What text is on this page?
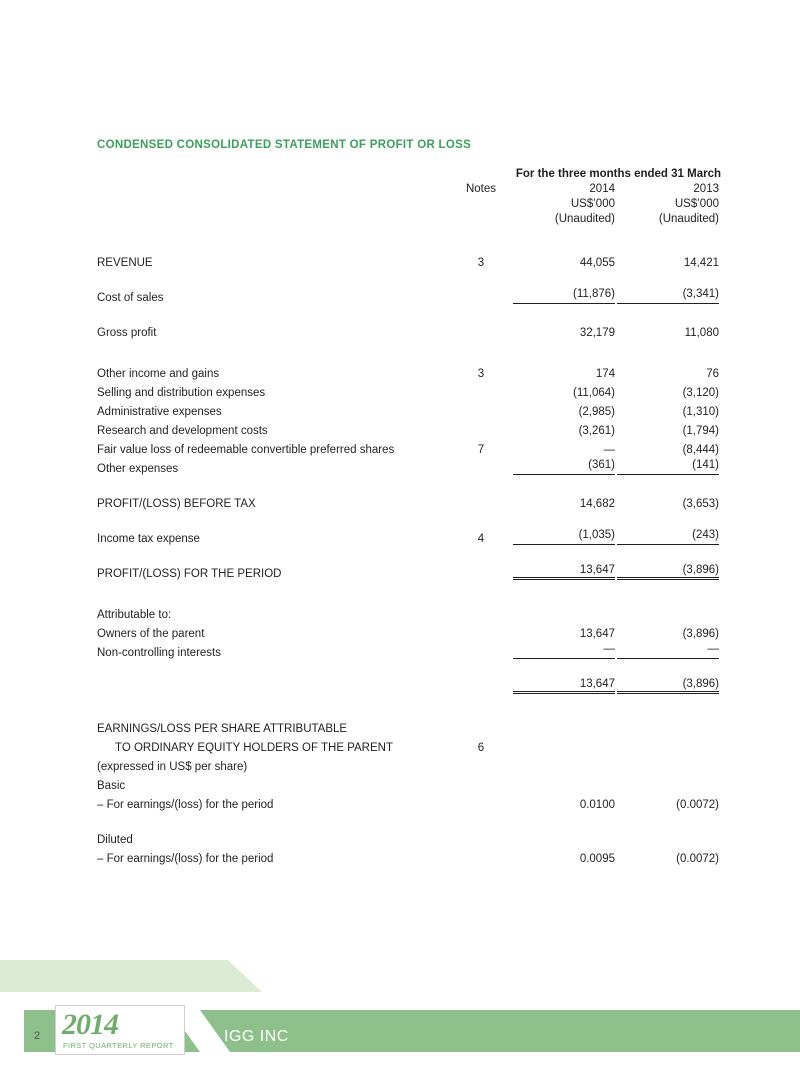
CONDENSED CONSOLIDATED STATEMENT OF PROFIT OR LOSS
		For the three months ended 31 March	
	Notes	2014	2013
		US$’000	US$’000
		(Unaudited)	(Unaudited)

REVENUE	3	44,055	14,421

Cost of sales		(11,876)	(3,341)

Gross profit		32,179	11,080

Other income and gains	3	174	76
Selling and distribution expenses		(11,064)	(3,120)
Administrative expenses		(2,985)	(1,310)
Research and development costs		(3,261)	(1,794)
Fair value loss of redeemable convertible preferred shares	7	—	(8,444)
Other expenses		(361)	(141)

PROFIT/(LOSS) BEFORE TAX		14,682	(3,653)

Income tax expense	4	(1,035)	(243)

PROFIT/(LOSS) FOR THE PERIOD		13,647	(3,896)

Attributable to:			
Owners of the parent		13,647	(3,896)
Non-controlling interests		—	—

		13,647	(3,896)

EARNINGS/LOSS PER SHARE ATTRIBUTABLE			
TO ORDINARY EQUITY HOLDERS OF THE PARENT	6		
(expressed in US$ per share)			
Basic			
– For earnings/(loss) for the period		0.0100	(0.0072)

Diluted			
– For earnings/(loss) for the period		0.0095	(0.0072)
2 2014
FIRST QUARTERLY REPORT
IGG INC
